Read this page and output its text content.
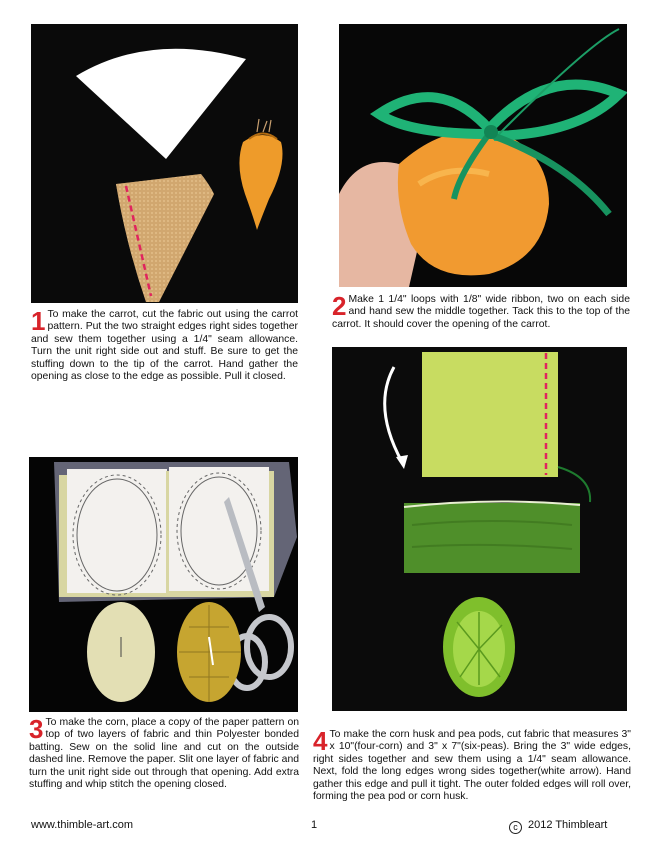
1 To make the carrot, cut the fabric out using the carrot pattern. Put the two straight edges right sides together and sew them together using a 1/4" seam allowance. Turn the unit right side out and stuff. Be sure to get the stuffing down to the tip of the carrot. Hand gather the opening as close to the edge as possible. Pull it closed.
2 Make 1 1/4" loops with 1/8" wide ribbon, two on each side and hand sew the middle together. Tack this to the top of the carrot. It should cover the opening of the carrot.
3 To make the corn, place a copy of the paper pattern on top of two layers of fabric and thin Polyester bonded batting. Sew on the solid line and cut on the outside dashed line. Remove the paper. Slit one layer of fabric and turn the unit right side out through that opening. Add extra stuffing and whip stitch the opening closed.
4 To make the corn husk and pea pods, cut fabric that measures 3" x 10"(four-corn) and 3" x 7"(six-peas). Bring the 3" wide edges, right sides together and sew them using a 1/4" seam allowance. Next, fold the long edges wrong sides together(white arrow). Hand gather this edge and pull it tight. The outer folded edges will roll over, forming the pea pod or corn husk.
www.thimble-art.com	1	c 2012 Thimbleart
